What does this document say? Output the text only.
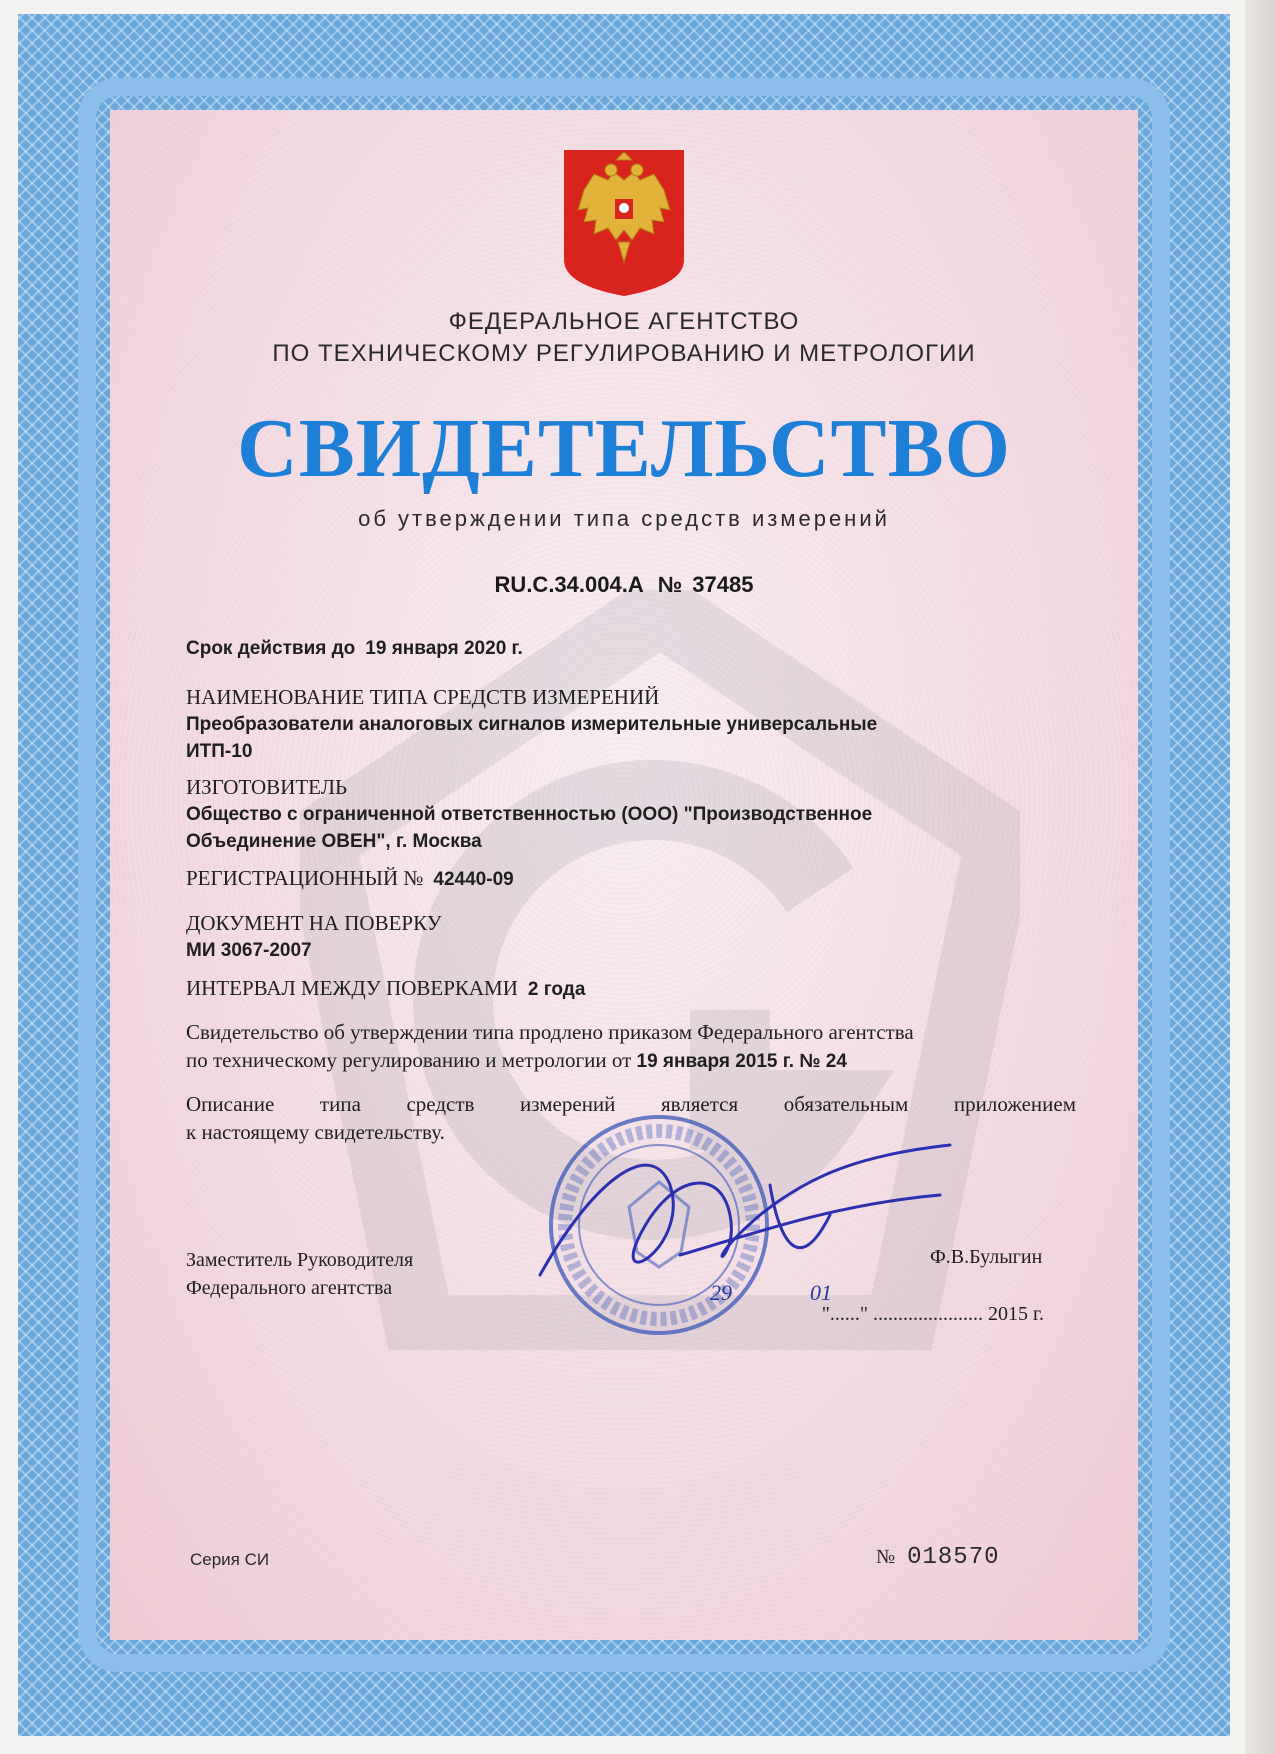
ФЕДЕРАЛЬНОЕ АГЕНТСТВО
ПО ТЕХНИЧЕСКОМУ РЕГУЛИРОВАНИЮ И МЕТРОЛОГИИ
СВИДЕТЕЛЬСТВО
об утверждении типа средств измерений
RU.C.34.004.A № 37485
Срок действия до 19 января 2020 г.
НАИМЕНОВАНИЕ ТИПА СРЕДСТВ ИЗМЕРЕНИЙ
Преобразователи аналоговых сигналов измерительные универсальные
ИТП-10
ИЗГОТОВИТЕЛЬ
Общество с ограниченной ответственностью (ООО) "Производственное
Объединение ОВЕН", г. Москва
РЕГИСТРАЦИОННЫЙ № 42440-09
ДОКУМЕНТ НА ПОВЕРКУ
МИ 3067-2007
ИНТЕРВАЛ МЕЖДУ ПОВЕРКАМИ 2 года
Свидетельство об утверждении типа продлено приказом Федерального агентства
по техническому регулированию и метрологии от 19 января 2015 г. № 24
Описание типа средств измерений является обязательным приложением
к настоящему свидетельству.
Заместитель Руководителя
Федерального агентства
Ф.В.Булыгин
"......" ...................... 2015 г.
29	01
Серия СИ	№ 018570
